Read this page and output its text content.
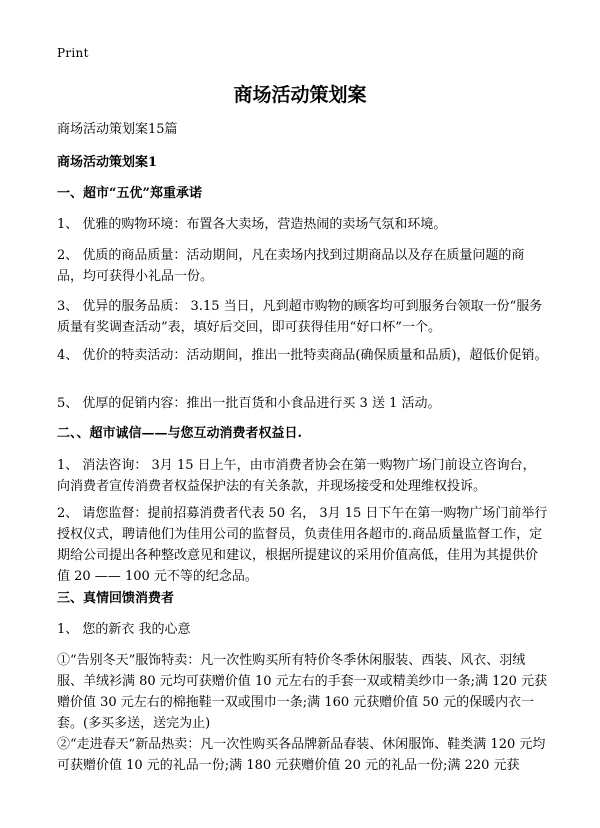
Print
商场活动策划案
商场活动策划案15篇
商场活动策划案1
一、超市“五优”郑重承诺
1、 优雅的购物环境：布置各大卖场，营造热闹的卖场气氛和环境。
2、 优质的商品质量：活动期间，凡在卖场内找到过期商品以及存在质量问题的商品，均可获得小礼品一份。
3、 优异的服务品质： 3.15 当日，凡到超市购物的顾客均可到服务台领取一份“服务质量有奖调查活动”表，填好后交回，即可获得佳用“好口杯”一个。
4、 优价的特卖活动：活动期间，推出一批特卖商品(确保质量和品质)，超低价促销。
5、 优厚的促销内容：推出一批百货和小食品进行买 3 送 1 活动。
二、、超市诚信——与您互动消费者权益日.
1、 消法咨询： 3月 15 日上午，由市消费者协会在第一购物广场门前设立咨询台，向消费者宣传消费者权益保护法的有关条款，并现场接受和处理维权投诉。
2、 请您监督：提前招募消费者代表 50 名， 3月 15 日下午在第一购物广场门前举行授权仪式，聘请他们为佳用公司的监督员，负责佳用各超市的.商品质量监督工作，定期给公司提出各种整改意见和建议，根据所提建议的采用价值高低，佳用为其提供价值 20 —— 100 元不等的纪念品。
三、真情回馈消费者
1、 您的新衣 我的心意
①“告别冬天”服饰特卖：凡一次性购买所有特价冬季休闲服装、西装、风衣、羽绒服、羊绒衫满 80 元均可获赠价值 10 元左右的手套一双或精美纱巾一条;满 120 元获赠价值 30 元左右的棉拖鞋一双或围巾一条;满 160 元获赠价值 50 元的保暖内衣一套。(多买多送，送完为止)
②“走进春天”新品热卖：凡一次性购买各品牌新品春装、休闲服饰、鞋类满 120 元均可获赠价值 10 元的礼品一份;满 180 元获赠价值 20 元的礼品一份;满 220 元获
